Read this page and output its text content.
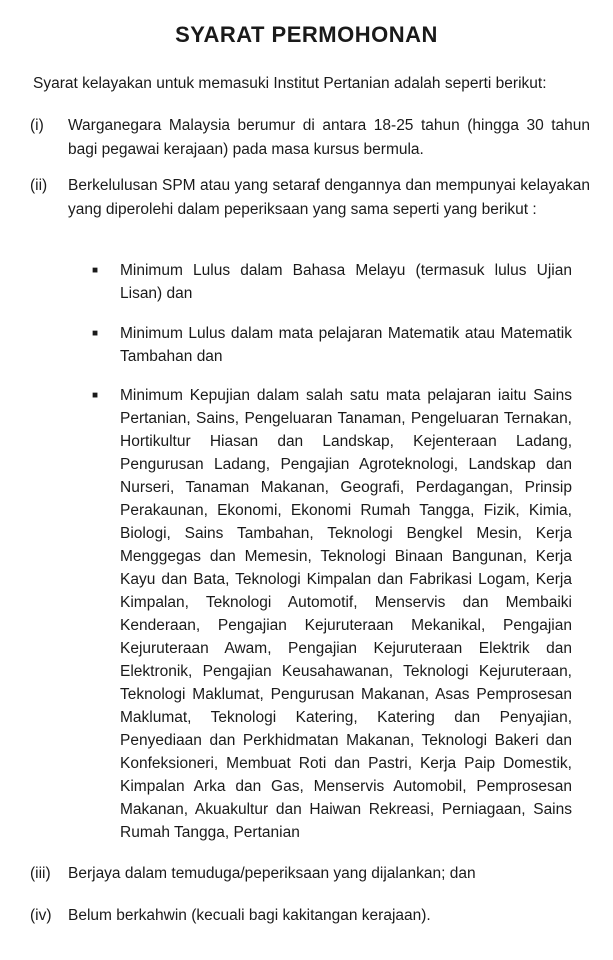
SYARAT PERMOHONAN
Syarat kelayakan untuk memasuki Institut Pertanian adalah seperti berikut:
(i)	Warganegara Malaysia berumur di antara 18-25 tahun (hingga 30 tahun bagi pegawai kerajaan) pada masa kursus bermula.
(ii)	Berkelulusan SPM atau yang setaraf dengannya dan mempunyai kelayakan yang diperolehi dalam peperiksaan yang sama seperti yang berikut :
■ Minimum Lulus dalam Bahasa Melayu (termasuk lulus Ujian Lisan) dan
■ Minimum Lulus dalam mata pelajaran Matematik atau Matematik Tambahan dan
■ Minimum Kepujian dalam salah satu mata pelajaran iaitu Sains Pertanian, Sains, Pengeluaran Tanaman, Pengeluaran Ternakan, Hortikultur Hiasan dan Landskap, Kejenteraan Ladang, Pengurusan Ladang, Pengajian Agroteknologi, Landskap dan Nurseri, Tanaman Makanan, Geografi, Perdagangan, Prinsip Perakaunan, Ekonomi, Ekonomi Rumah Tangga, Fizik, Kimia, Biologi, Sains Tambahan, Teknologi Bengkel Mesin, Kerja Menggegas dan Memesin, Teknologi Binaan Bangunan, Kerja Kayu dan Bata, Teknologi Kimpalan dan Fabrikasi Logam, Kerja Kimpalan, Teknologi Automotif, Menservis dan Membaiki Kenderaan, Pengajian Kejuruteraan Mekanikal, Pengajian Kejuruteraan Awam, Pengajian Kejuruteraan Elektrik dan Elektronik, Pengajian Keusahawanan, Teknologi Kejuruteraan, Teknologi Maklumat, Pengurusan Makanan, Asas Pemprosesan Maklumat, Teknologi Katering, Katering dan Penyajian, Penyediaan dan Perkhidmatan Makanan, Teknologi Bakeri dan Konfeksioneri, Membuat Roti dan Pastri, Kerja Paip Domestik, Kimpalan Arka dan Gas, Menservis Automobil, Pemprosesan Makanan, Akuakultur dan Haiwan Rekreasi, Perniagaan, Sains Rumah Tangga, Pertanian
(iii)	Berjaya dalam temuduga/peperiksaan yang dijalankan; dan
(iv)	Belum berkahwin (kecuali bagi kakitangan kerajaan).
